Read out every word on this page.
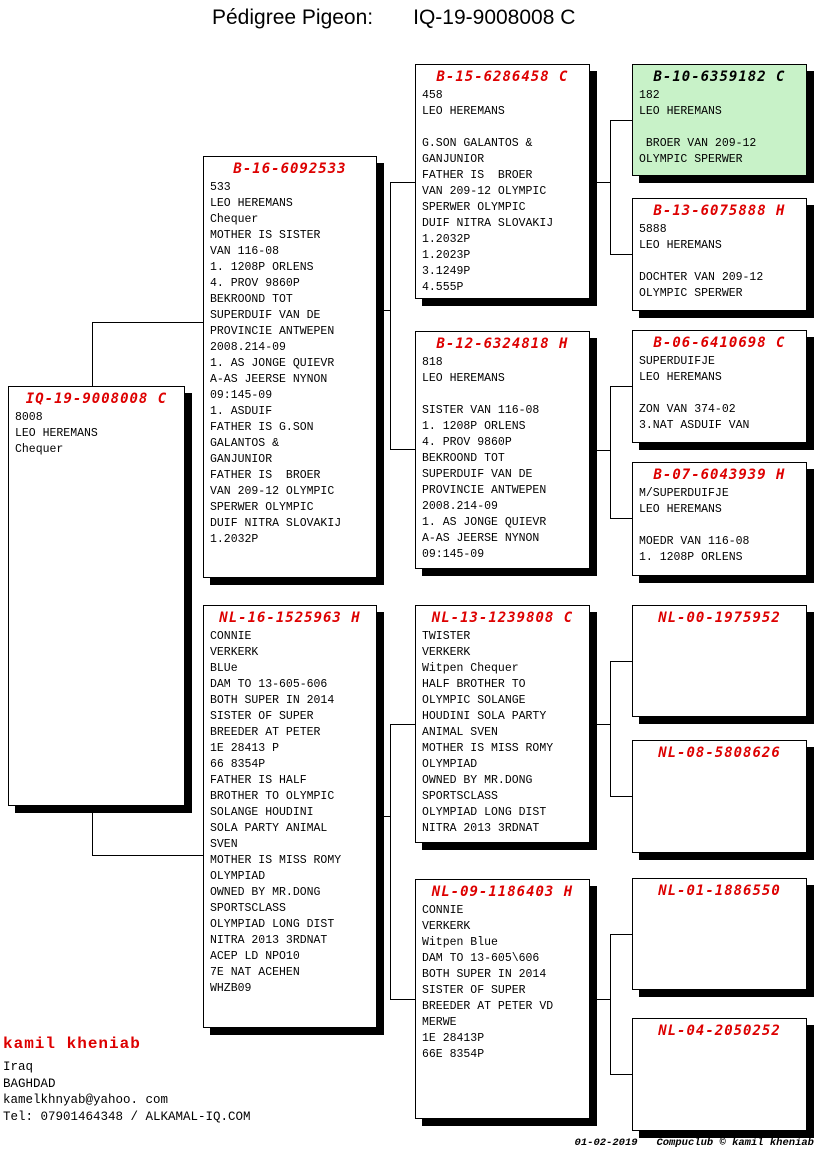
Pédigree Pigeon: IQ-19-9008008 C
IQ-19-9008008 C
8008
LEO HEREMANS
Chequer
B-16-6092533
533
LEO HEREMANS
Chequer
MOTHER IS SISTER
VAN 116-08
1. 1208P ORLENS
4. PROV 9860P
BEKROOND TOT
SUPERDUIF VAN DE
PROVINCIE ANTWEPEN
2008.214-09
1. AS JONGE QUIEVR
A-AS JEERSE NYNON
09:145-09
1. ASDUIF
FATHER IS G.SON
GALANTOS &
GANJUNIOR
FATHER IS  BROER
VAN 209-12 OLYMPIC
SPERWER OLYMPIC
DUIF NITRA SLOVAKIJ
1.2032P
NL-16-1525963 H
CONNIE
VERKERK
BLUe
DAM TO 13-605-606
BOTH SUPER IN 2014
SISTER OF SUPER
BREEDER AT PETER
1E 28413 P
66 8354P
FATHER IS HALF
BROTHER TO OLYMPIC
SOLANGE HOUDINI
SOLA PARTY ANIMAL
SVEN
MOTHER IS MISS ROMY
OLYMPIAD
OWNED BY MR.DONG
SPORTSCLASS
OLYMPIAD LONG DIST
NITRA 2013 3RDNAT
ACEP LD NPO10
7E NAT ACEHEN
WHZB09
B-15-6286458 C
458
LEO HEREMANS
G.SON GALANTOS &
GANJUNIOR
FATHER IS  BROER
VAN 209-12 OLYMPIC
SPERWER OLYMPIC
DUIF NITRA SLOVAKIJ
1.2032P
1.2023P
3.1249P
4.555P
B-12-6324818 H
818
LEO HEREMANS
SISTER VAN 116-08
1. 1208P ORLENS
4. PROV 9860P
BEKROOND TOT
SUPERDUIF VAN DE
PROVINCIE ANTWEPEN
2008.214-09
1. AS JONGE QUIEVR
A-AS JEERSE NYNON
09:145-09
NL-13-1239808 C
TWISTER
VERKERK
Witpen Chequer
HALF BROTHER TO
OLYMPIC SOLANGE
HOUDINI SOLA PARTY
ANIMAL SVEN
MOTHER IS MISS ROMY
OLYMPIAD
OWNED BY MR.DONG
SPORTSCLASS
OLYMPIAD LONG DIST
NITRA 2013 3RDNAT
NL-09-1186403 H
CONNIE
VERKERK
Witpen Blue
DAM TO 13-605\606
BOTH SUPER IN 2014
SISTER OF SUPER
BREEDER AT PETER VD
MERWE
1E 28413P
66E 8354P
B-10-6359182 C
182
LEO HEREMANS
BROER VAN 209-12
OLYMPIC SPERWER
B-13-6075888 H
5888
LEO HEREMANS
DOCHTER VAN 209-12
OLYMPIC SPERWER
B-06-6410698 C
SUPERDUIFJE
LEO HEREMANS
ZON VAN 374-02
3.NAT ASDUIF VAN
B-07-6043939 H
M/SUPERDUIFJE
LEO HEREMANS
MOEDR VAN 116-08
1. 1208P ORLENS
NL-00-1975952
NL-08-5808626
NL-01-1886550
NL-04-2050252
kamil kheniab
Iraq
BAGHDAD
kamelkhnyab@yahoo. com
Tel: 07901464348 / ALKAMAL-IQ.COM
01-02-2019   Compuclub © kamil kheniab
